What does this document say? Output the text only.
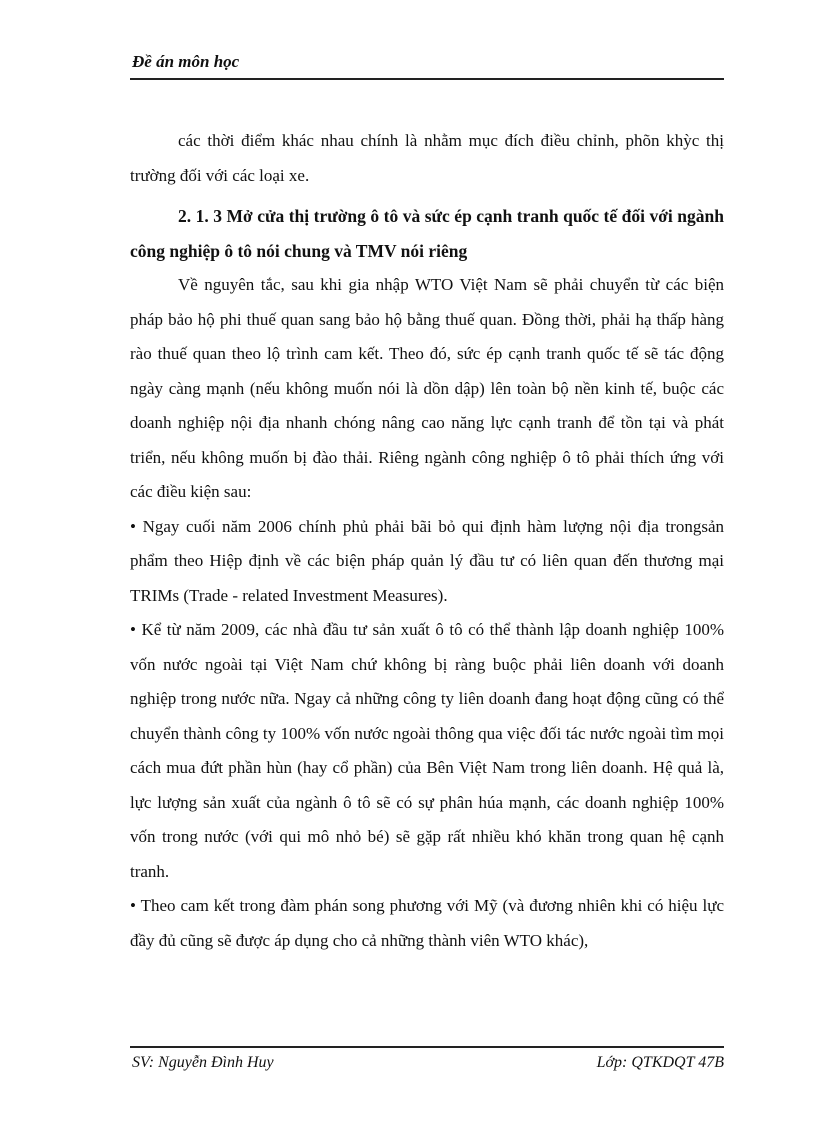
Đề án môn học

các thời điểm khác nhau chính là nhằm mục đích điều chỉnh, phõn khỳc thị trường đối với các loại xe.

2. 1. 3 Mở cửa thị trường ô tô và sức ép cạnh tranh quốc tế đối với ngành công nghiệp ô tô nói chung và TMV nói riêng

Về nguyên tắc, sau khi gia nhập WTO Việt Nam sẽ phải chuyển từ các biện pháp bảo hộ phi thuế quan sang bảo hộ bằng thuế quan. Đồng thời, phải hạ thấp hàng rào thuế quan theo lộ trình cam kết. Theo đó, sức ép cạnh tranh quốc tế sẽ tác động ngày càng mạnh (nếu không muốn nói là dồn dập) lên toàn bộ nền kinh tế, buộc các doanh nghiệp nội địa nhanh chóng nâng cao năng lực cạnh tranh để tồn tại và phát triển, nếu không muốn bị đào thải. Riêng ngành công nghiệp ô tô phải thích ứng với các điều kiện sau:

• Ngay cuối năm 2006 chính phủ phải bãi bỏ qui định hàm lượng nội địa trongsản phẩm theo Hiệp định về các biện pháp quản lý đầu tư có liên quan đến thương mại TRIMs (Trade - related Investment Measures).

• Kể từ năm 2009, các nhà đầu tư sản xuất ô tô có thể thành lập doanh nghiệp 100% vốn nước ngoài tại Việt Nam chứ không bị ràng buộc phải liên doanh với doanh nghiệp trong nước nữa. Ngay cả những công ty liên doanh đang hoạt động cũng có thể chuyển thành công ty 100% vốn nước ngoài thông qua việc đối tác nước ngoài tìm mọi cách mua đứt phần hùn (hay cổ phần) của Bên Việt Nam trong liên doanh. Hệ quả là, lực lượng sản xuất của ngành ô tô sẽ có sự phân húa mạnh, các doanh nghiệp 100% vốn trong nước (với qui mô nhỏ bé) sẽ gặp rất nhiều khó khăn trong quan hệ cạnh tranh.

• Theo cam kết trong đàm phán song phương với Mỹ (và đương nhiên khi có hiệu lực đầy đủ cũng sẽ được áp dụng cho cả những thành viên WTO khác),

SV: Nguyễn Đình Huy	Lớp: QTKDQT 47B
